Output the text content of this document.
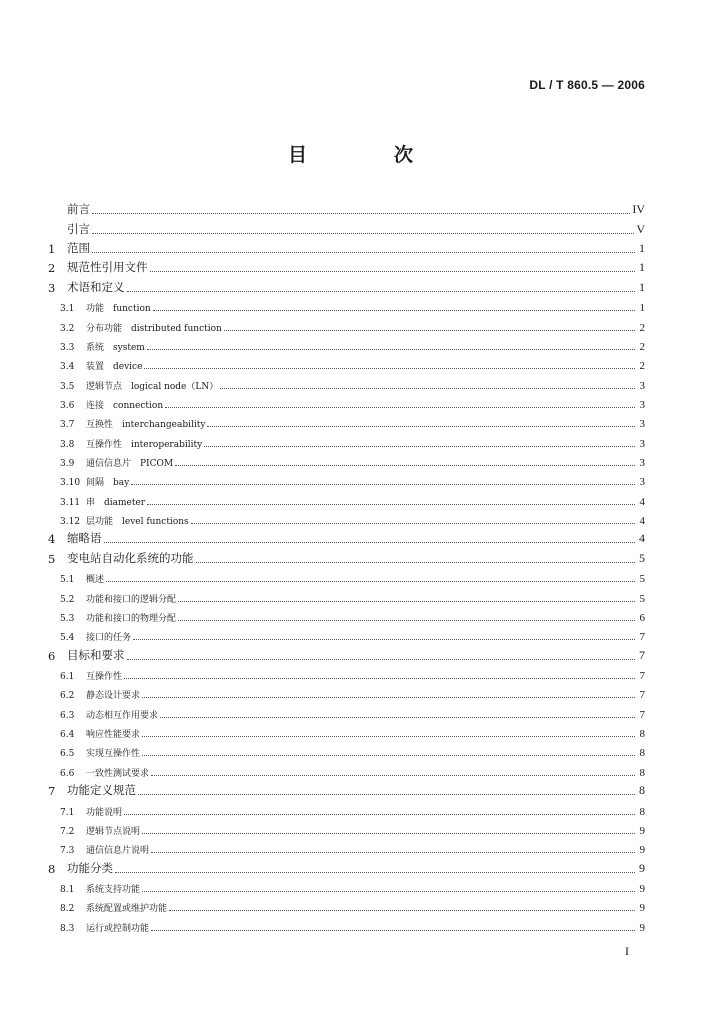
DL / T 860.5 — 2006
目　次
前言	IV
引言	V
1	范围	1
2	规范性引用文件	1
3	术语和定义	1
3.1	功能　function	1
3.2	分布功能　distributed function	2
3.3	系统　system	2
3.4	装置　device	2
3.5	逻辑节点　logical node（LN）	3
3.6	连接　connection	3
3.7	互换性　interchangeability	3
3.8	互操作性　interoperability	3
3.9	通信信息片　PICOM	3
3.10 间隔　bay	3
3.11 串　diameter	4
3.12 层功能　level functions	4
4	缩略语	4
5	变电站自动化系统的功能	5
5.1	概述	5
5.2	功能和接口的逻辑分配	5
5.3	功能和接口的物理分配	6
5.4	接口的任务	7
6	目标和要求	7
6.1	互操作性	7
6.2	静态设计要求	7
6.3	动态相互作用要求	7
6.4	响应性能要求	8
6.5	实现互操作性	8
6.6	一致性测试要求	8
7	功能定义规范	8
7.1	功能说明	8
7.2	逻辑节点说明	9
7.3	通信信息片说明	9
8	功能分类	9
8.1	系统支持功能	9
8.2	系统配置或维护功能	9
8.3	运行或控制功能	9
I
